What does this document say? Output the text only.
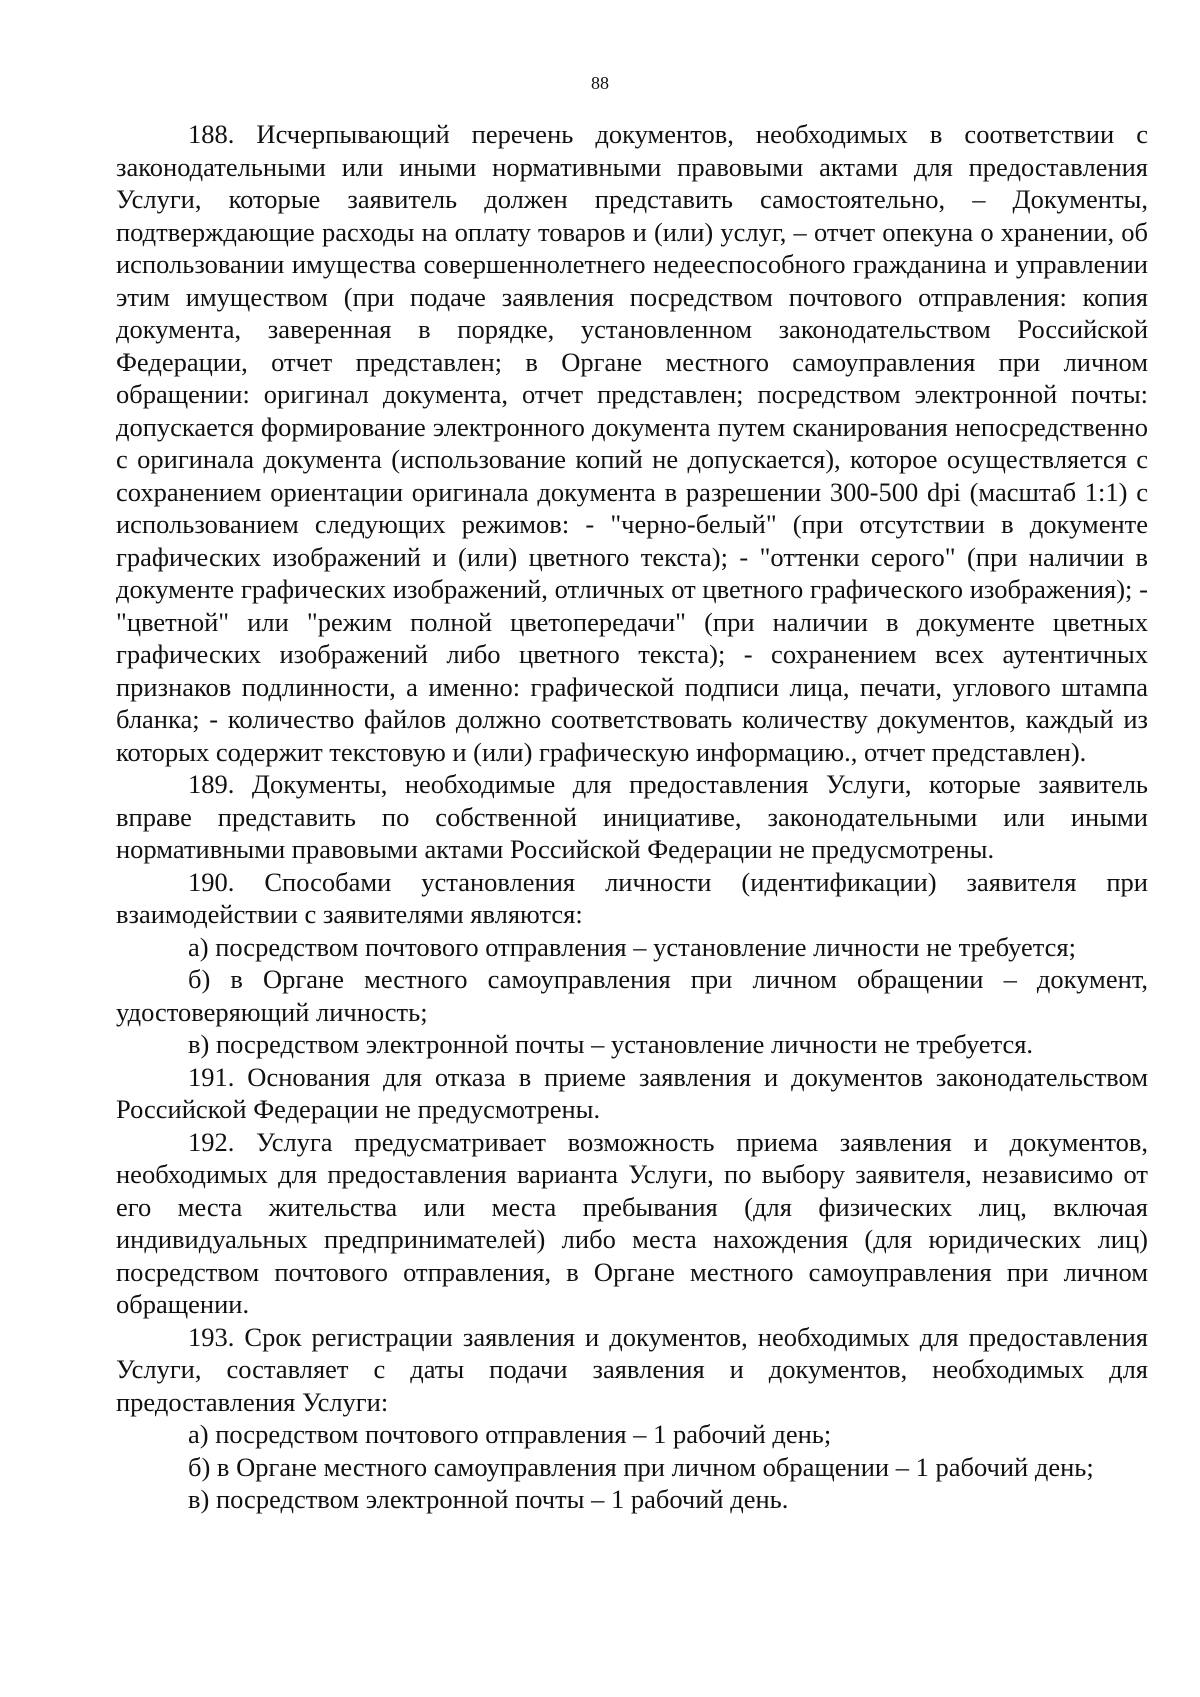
88

188. Исчерпывающий перечень документов, необходимых в соответствии с законодательными или иными нормативными правовыми актами для предоставления Услуги, которые заявитель должен представить самостоятельно, – Документы, подтверждающие расходы на оплату товаров и (или) услуг, – отчет опекуна о хранении, об использовании имущества совершеннолетнего недееспособного гражданина и управлении этим имуществом (при подаче заявления посредством почтового отправления: копия документа, заверенная в порядке, установленном законодательством Российской Федерации, отчет представлен; в Органе местного самоуправления при личном обращении: оригинал документа, отчет представлен; посредством электронной почты: допускается формирование электронного документа путем сканирования непосредственно с оригинала документа (использование копий не допускается), которое осуществляется с сохранением ориентации оригинала документа в разрешении 300-500 dpi (масштаб 1:1) с использованием следующих режимов: - "черно-белый" (при отсутствии в документе графических изображений и (или) цветного текста); - "оттенки серого" (при наличии в документе графических изображений, отличных от цветного графического изображения); - "цветной" или "режим полной цветопередачи" (при наличии в документе цветных графических изображений либо цветного текста); - сохранением всех аутентичных признаков подлинности, а именно: графической подписи лица, печати, углового штампа бланка; - количество файлов должно соответствовать количеству документов, каждый из которых содержит текстовую и (или) графическую информацию., отчет представлен).

189. Документы, необходимые для предоставления Услуги, которые заявитель вправе представить по собственной инициативе, законодательными или иными нормативными правовыми актами Российской Федерации не предусмотрены.

190. Способами установления личности (идентификации) заявителя при взаимодействии с заявителями являются:

а) посредством почтового отправления – установление личности не требуется;

б) в Органе местного самоуправления при личном обращении – документ, удостоверяющий личность;

в) посредством электронной почты – установление личности не требуется.

191. Основания для отказа в приеме заявления и документов законодательством Российской Федерации не предусмотрены.

192. Услуга предусматривает возможность приема заявления и документов, необходимых для предоставления варианта Услуги, по выбору заявителя, независимо от его места жительства или места пребывания (для физических лиц, включая индивидуальных предпринимателей) либо места нахождения (для юридических лиц) посредством почтового отправления, в Органе местного самоуправления при личном обращении.

193. Срок регистрации заявления и документов, необходимых для предоставления Услуги, составляет с даты подачи заявления и документов, необходимых для предоставления Услуги:

а) посредством почтового отправления – 1 рабочий день;

б) в Органе местного самоуправления при личном обращении – 1 рабочий день;

в) посредством электронной почты – 1 рабочий день.
